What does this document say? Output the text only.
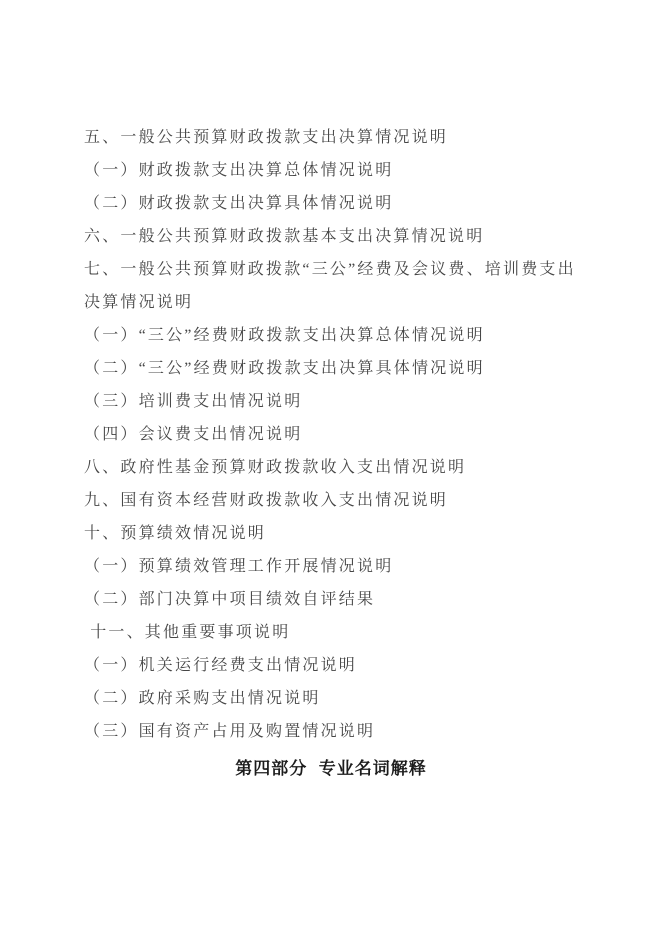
五、一般公共预算财政拨款支出决算情况说明
（一）财政拨款支出决算总体情况说明
（二）财政拨款支出决算具体情况说明
六、一般公共预算财政拨款基本支出决算情况说明
七、一般公共预算财政拨款“三公”经费及会议费、培训费支出
决算情况说明
（一）“三公”经费财政拨款支出决算总体情况说明
（二）“三公”经费财政拨款支出决算具体情况说明
（三）培训费支出情况说明
（四）会议费支出情况说明
八、政府性基金预算财政拨款收入支出情况说明
九、国有资本经营财政拨款收入支出情况说明
十、预算绩效情况说明
（一）预算绩效管理工作开展情况说明
（二）部门决算中项目绩效自评结果
十一、其他重要事项说明
（一）机关运行经费支出情况说明
（二）政府采购支出情况说明
（三）国有资产占用及购置情况说明
第四部分  专业名词解释
